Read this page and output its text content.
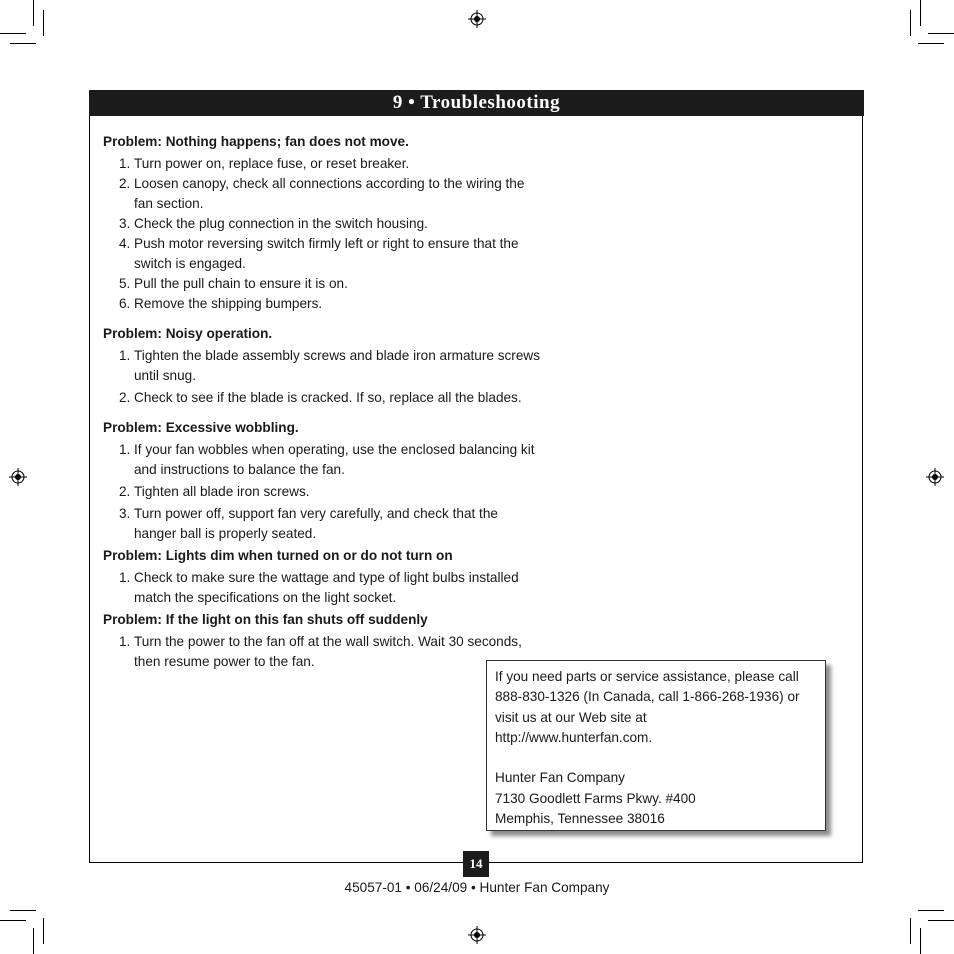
9 • Troubleshooting

Problem: Nothing happens; fan does not move.

1. Turn power on, replace fuse, or reset breaker.
2. Loosen canopy, check all connections according to the wiring the
fan section.
3. Check the plug connection in the switch housing.
4. Push motor reversing switch firmly left or right to ensure that the
switch is engaged.
5. Pull the pull chain to ensure it is on.
6. Remove the shipping bumpers.

Problem: Noisy operation.

1. Tighten the blade assembly screws and blade iron armature screws
until snug.
2. Check to see if the blade is cracked. If so, replace all the blades.

Problem: Excessive wobbling.

1. If your fan wobbles when operating, use the enclosed balancing kit
and instructions to balance the fan.
2. Tighten all blade iron screws.
3. Turn power off, support fan very carefully, and check that the
hanger ball is properly seated.

Problem: Lights dim when turned on or do not turn on

1. Check to make sure the wattage and type of light bulbs installed
match the specifications on the light socket.

Problem: If the light on this fan shuts off suddenly

1. Turn the power to the fan off at the wall switch. Wait 30 seconds,
then resume power to the fan.
If you need parts or service assistance, please call
888-830-1326 (In Canada, call 1-866-268-1936) or
visit us at our Web site at
http://www.hunterfan.com.
Hunter Fan Company
7130 Goodlett Farms Pkwy. #400
Memphis, Tennessee 38016
14
45057-01 • 06/24/09 • Hunter Fan Company
